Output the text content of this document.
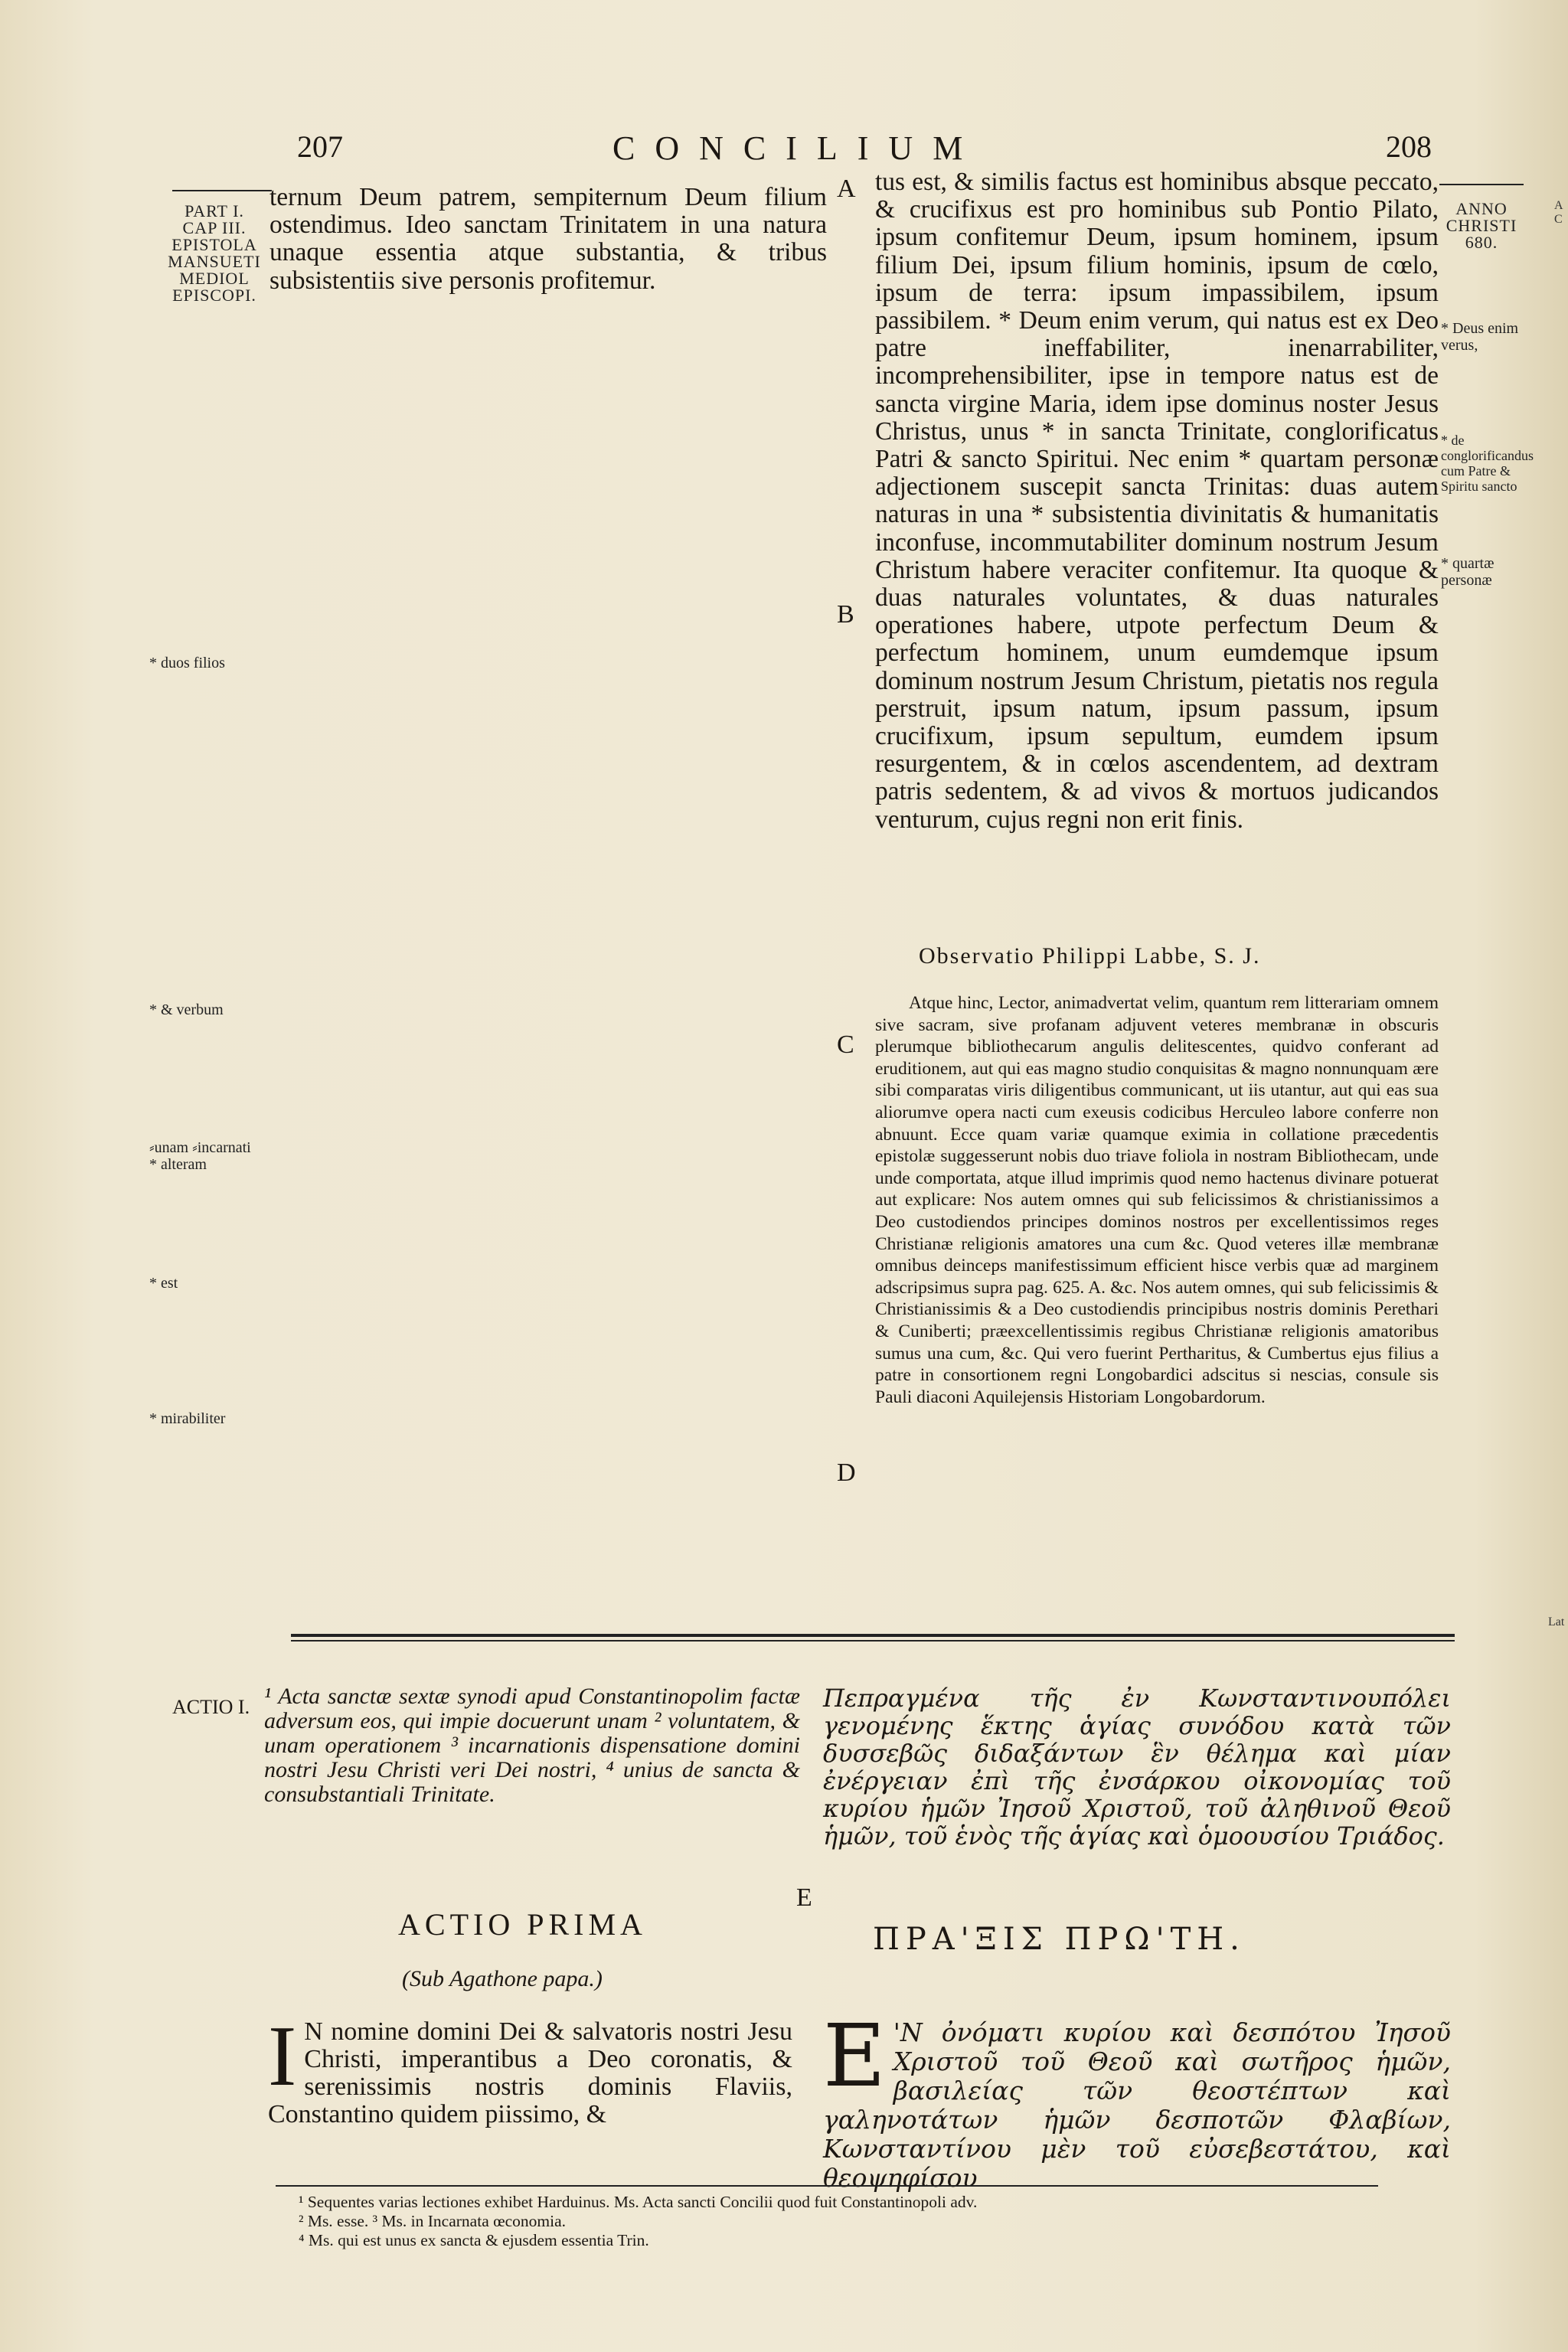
207	CONCILIUM	208
PART I.
CAP III.
EPISTOLA
MANSUETI
MEDIOL
EPISCOPI.
* duos filios
* & verbum
⸗unam ⸗incarnati * alteram
* est
* mirabiliter
ANNO
CHRISTI
680.
* Deus enim verus,
* de conglorificandus cum Patre & Spiritu sancto
* quartæ personæ
A
B
C
D
E

ternum Deum patrem, sempiternum Deum filium ostendimus. Ideo sanctam Trinitatem in una natura unaque essentia atque substantia, & tribus subsistentiis sive personis profitemur.

tus est, & similis factus est hominibus absque peccato, & crucifixus est pro hominibus sub Pontio Pilato, ipsum confitemur Deum, ipsum hominem, ipsum filium Dei, ipsum filium hominis, ipsum de cœlo, ipsum de terra: ipsum impassibilem, ipsum passibilem. * Deum enim verum, qui natus est ex Deo patre ineffabiliter, inenarrabiliter, incomprehensibiliter, ipse in tempore natus est de sancta virgine Maria, idem ipse dominus noster Jesus Christus, unus * in sancta Trinitate, conglorificatus Patri & sancto Spiritui. Nec enim * quartam personæ adjectionem suscepit sancta Trinitas: duas autem naturas in una * subsistentia divinitatis & humanitatis inconfuse, incommutabiliter dominum nostrum Jesum Christum habere veraciter confitemur. Ita quoque & duas naturales voluntates, & duas naturales operationes habere, utpote perfectum Deum & perfectum hominem, unum eumdemque ipsum dominum nostrum Jesum Christum, pietatis nos regula perstruit, ipsum natum, ipsum passum, ipsum crucifixum, ipsum sepultum, eumdem ipsum resurgentem, & in cœlos ascendentem, ad dextram patris sedentem, & ad vivos & mortuos judicandos venturum, cujus regni non erit finis.

Observatio Philippi Labbe, S. J.

Atque hinc, Lector, animadvertat velim, quantum rem litterariam omnem sive sacram, sive profanam adjuvent veteres membranæ in obscuris plerumque bibliothecarum angulis delitescentes, quidvo conferant ad eruditionem, aut qui eas magno studio conquisitas & magno nonnunquam ære sibi comparatas viris diligentibus communicant, ut iis utantur, aut qui eas sua aliorumve opera nacti cum exeusis codicibus Herculeo labore conferre non abnuunt. Ecce quam variæ quamque eximia in collatione præcedentis epistolæ suggesserunt nobis duo triave foliola in nostram Bibliothecam, unde unde comportata, atque illud imprimis quod nemo hactenus divinare potuerat aut explicare: Nos autem omnes qui sub felicissimos & christianissimos a Deo custodiendos principes dominos nostros per excellentissimos reges Christianæ religionis amatores una cum &c. Quod veteres illæ membranæ omnibus deinceps manifestissimum efficient hisce verbis quæ ad marginem adscripsimus supra pag. 625. A. &c. Nos autem omnes, qui sub felicissimis & Christianissimis & a Deo custodiendis principibus nostris dominis Perethari & Cuniberti; præexcellentissimis regibus Christianæ religionis amatoribus sumus una cum, &c. Qui vero fuerint Pertharitus, & Cumbertus ejus filius a patre in consortionem regni Longobardici adscitus si nescias, consule sis Pauli diaconi Aquilejensis Historiam Longobardorum.

ACTIO I. ¹ Acta sanctæ sextæ synodi apud Constantinopolim factæ adversum eos, qui impie docuerunt unam ² voluntatem, & unam operationem ³ incarnationis dispensatione domini nostri Jesu Christi veri Dei nostri, ⁴ unius de sancta & consubstantiali Trinitate.
Πεπραγμένα τῆς ἐν Κωνσταντινουπόλει γενομένης ἕκτης ἁγίας συνόδου κατὰ τῶν δυσσεβῶς διδαξάντων ἓν θέλημα καὶ μίαν ἐνέργειαν ἐπὶ τῆς ἐνσάρκου οἰκονομίας τοῦ κυρίου ἡμῶν Ἰησοῦ Χριστοῦ, τοῦ ἀληθινοῦ Θεοῦ ἡμῶν, τοῦ ἑνὸς τῆς ἁγίας καὶ ὁμοουσίου Τριάδος.
ACTIO PRIMA	ΠΡΑ'ΞΙΣ ΠΡΩ'ΤΗ.
(Sub Agathone papa.)
I N nomine domini Dei & salvatoris nostri Jesu Christi, imperantibus a Deo coronatis, & serenissimis nostris dominis Flaviis, Constantino quidem piissimo, &
E 'N ὀνόματι κυρίου καὶ δεσπότου Ἰησοῦ Χριστοῦ τοῦ Θεοῦ καὶ σωτῆρος ἡμῶν, βασιλείας τῶν θεοστέπτων καὶ γαληνοτάτων ἡμῶν δεσποτῶν Φλαβίων, Κωνσταντίνου μὲν τοῦ εὐσεβεστάτου, καὶ θεοψηφίσου
¹ Sequentes varias lectiones exhibet Harduinus. Ms. Acta sancti Concilii quod fuit Constantinopoli adv.
² Ms. esse. ³ Ms. in Incarnata œconomia.
⁴ Ms. qui est unus ex sancta & ejusdem essentia Trin.
A C
Lat
